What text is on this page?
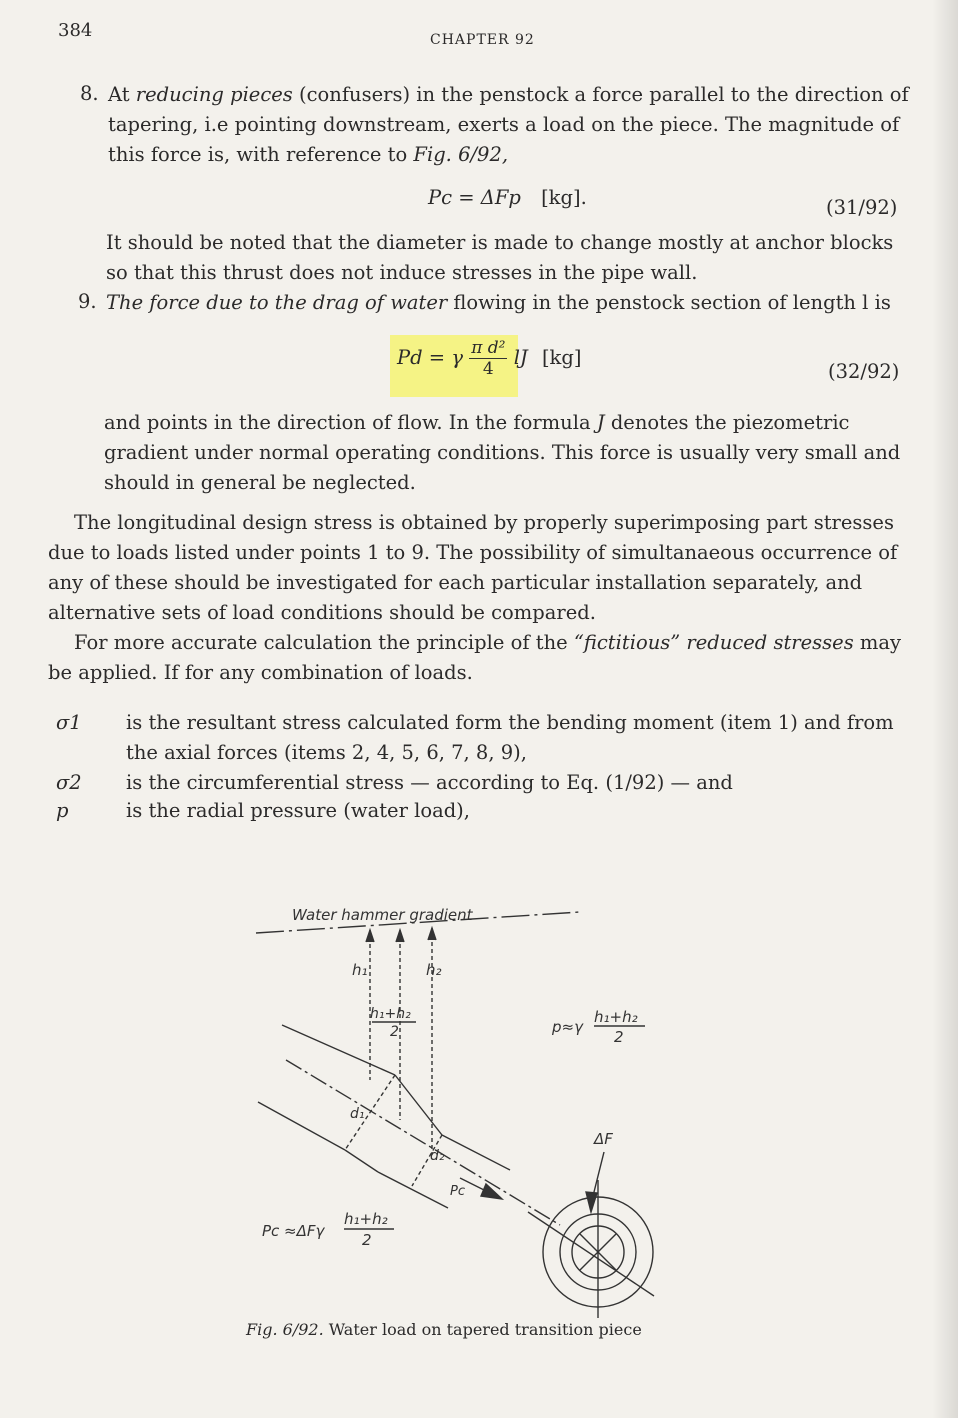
384	CHAPTER 92
8. At reducing pieces (confusers) in the penstock a force parallel to the direction of tapering, i.e pointing downstream, exerts a load on the piece. The magnitude of this force is, with reference to Fig. 6/92,

Pc = ΔFp [kg].	(31/92)

It should be noted that the diameter is made to change mostly at anchor blocks so that this thrust does not induce stresses in the pipe wall.

9. The force due to the drag of water flowing in the penstock section of length l is

Pd = γ $\frac{\text{π d²}}{4}$ lJ [kg]
(32/92)

and points in the direction of flow. In the formula J denotes the piezometric gradient under normal operating conditions. This force is usually very small and should in general be neglected.

The longitudinal design stress is obtained by properly superimposing part stresses due to loads listed under points 1 to 9. The possibility of simultanaeous occurrence of any of these should be investigated for each particular installation separately, and alternative sets of load conditions should be compared.

For more accurate calculation the principle of the “fictitious” reduced stresses may be applied. If for any combination of loads.

σ1 is the resultant stress calculated form the bending moment (item 1) and from the axial forces (items 2, 4, 5, 6, 7, 8, 9),
σ2 is the circumferential stress — according to Eq. (1/92) — and
p	is the radial pressure (water load),
Water hammer gradient
h₁	h₂
h₁+h₂
2
d₁
d₂
Pc
p≈γ
h₁+h₂
2
ΔF
Pc ≈ΔFγ
h₁+h₂
2
Fig. 6/92. Water load on tapered transition piece
